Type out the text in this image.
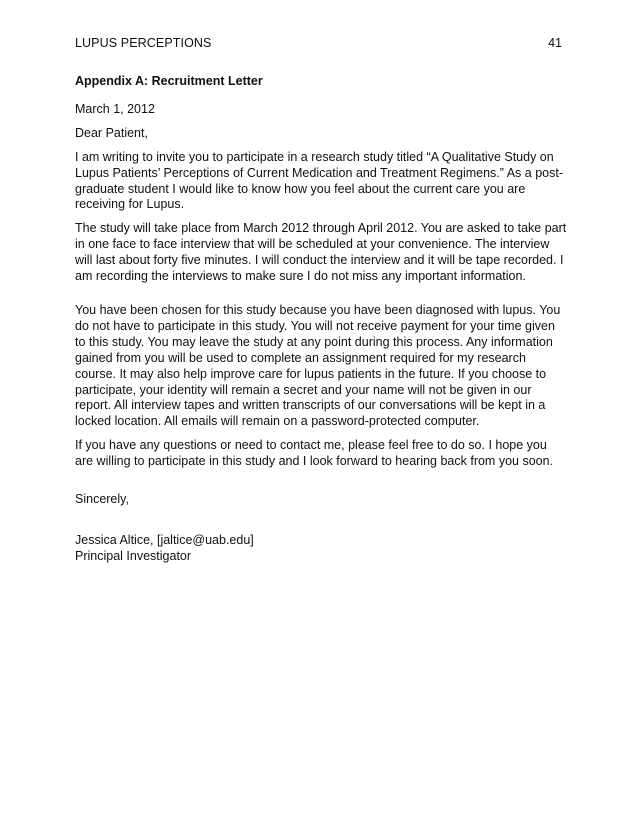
LUPUS PERCEPTIONS	41

Appendix A: Recruitment Letter

March 1, 2012

Dear Patient,

I am writing to invite you to participate in a research study titled “A Qualitative Study on Lupus Patients’ Perceptions of Current Medication and Treatment Regimens.” As a post-graduate student I would like to know how you feel about the current care you are receiving for Lupus.

The study will take place from March 2012 through April 2012. You are asked to take part in one face to face interview that will be scheduled at your convenience. The interview will last about forty five minutes. I will conduct the interview and it will be tape recorded. I am recording the interviews to make sure I do not miss any important information.

You have been chosen for this study because you have been diagnosed with lupus. You do not have to participate in this study. You will not receive payment for your time given to this study. You may leave the study at any point during this process. Any information gained from you will be used to complete an assignment required for my research course. It may also help improve care for lupus patients in the future. If you choose to participate, your identity will remain a secret and your name will not be given in our report. All interview tapes and written transcripts of our conversations will be kept in a locked location. All emails will remain on a password-protected computer.

If you have any questions or need to contact me, please feel free to do so. I hope you are willing to participate in this study and I look forward to hearing back from you soon.

Sincerely,

Jessica Altice, [jaltice@uab.edu]

Principal Investigator
